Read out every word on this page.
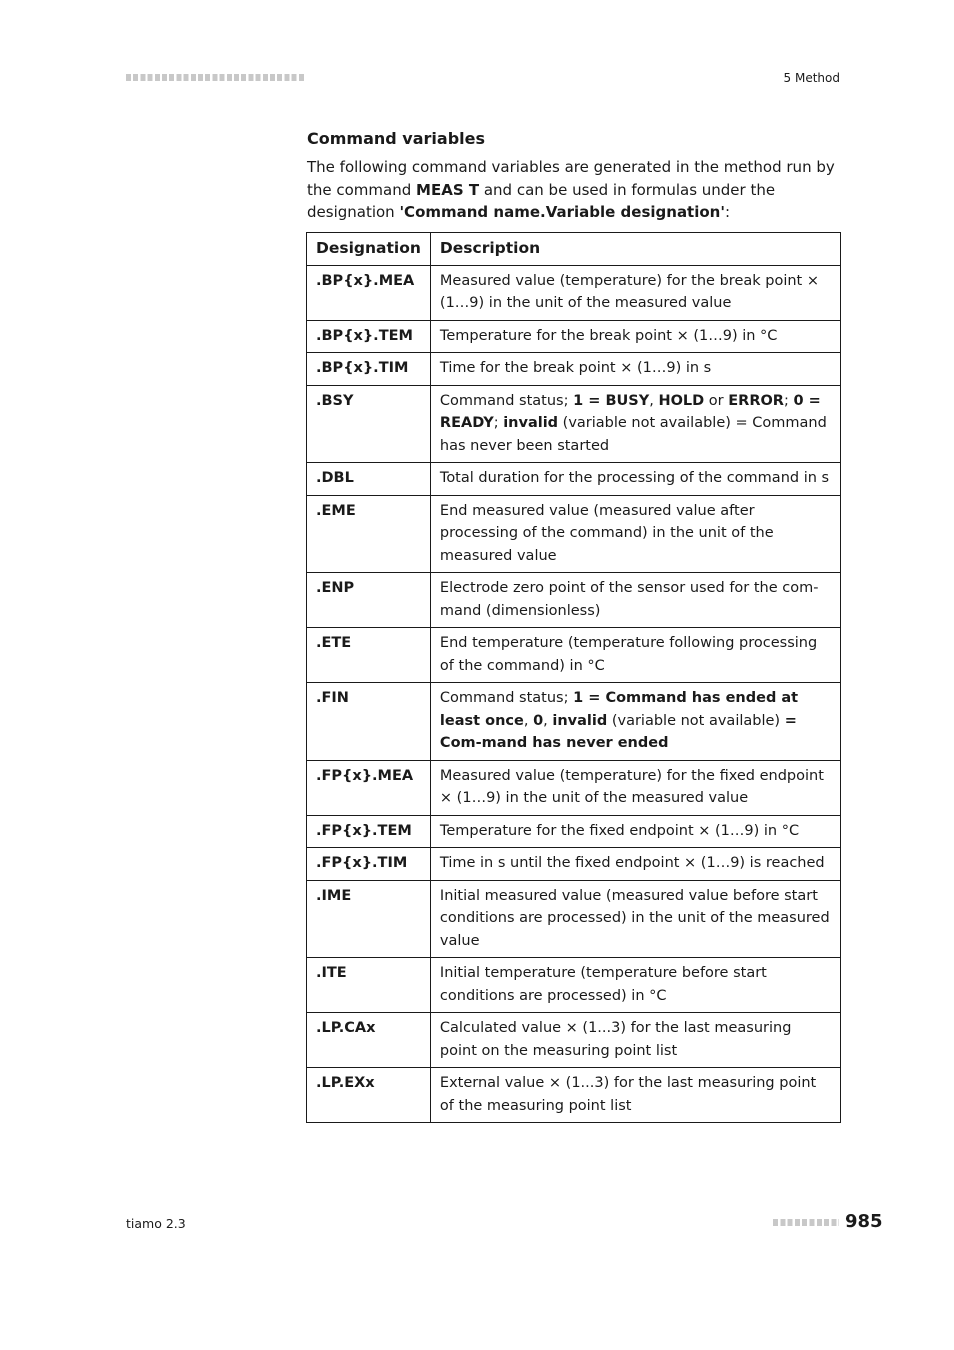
5 Method
Command variables
The following command variables are generated in the method run by the command MEAS T and can be used in formulas under the designation 'Command name.Variable designation':
Designation	Description
.BP{x}.MEA	Measured value (temperature) for the break point × (1…9) in the unit of the measured value
.BP{x}.TEM	Temperature for the break point × (1…9) in °C
.BP{x}.TIM	Time for the break point × (1…9) in s
.BSY	Command status; 1 = BUSY, HOLD or ERROR; 0 = READY; invalid (variable not available) = Command has never been started
.DBL	Total duration for the processing of the command in s
.EME	End measured value (measured value after processing of the command) in the unit of the measured value
.ENP	Electrode zero point of the sensor used for the com-mand (dimensionless)
.ETE	End temperature (temperature following processing of the command) in °C
.FIN	Command status; 1 = Command has ended at least once, 0, invalid (variable not available) = Com-mand has never ended
.FP{x}.MEA	Measured value (temperature) for the fixed endpoint × (1…9) in the unit of the measured value
.FP{x}.TEM	Temperature for the fixed endpoint × (1…9) in °C
.FP{x}.TIM	Time in s until the fixed endpoint × (1…9) is reached
.IME	Initial measured value (measured value before start conditions are processed) in the unit of the measured value
.ITE	Initial temperature (temperature before start conditions are processed) in °C
.LP.CAx	Calculated value × (1...3) for the last measuring point on the measuring point list
.LP.EXx	External value × (1...3) for the last measuring point of the measuring point list
tiamo 2.3	985
